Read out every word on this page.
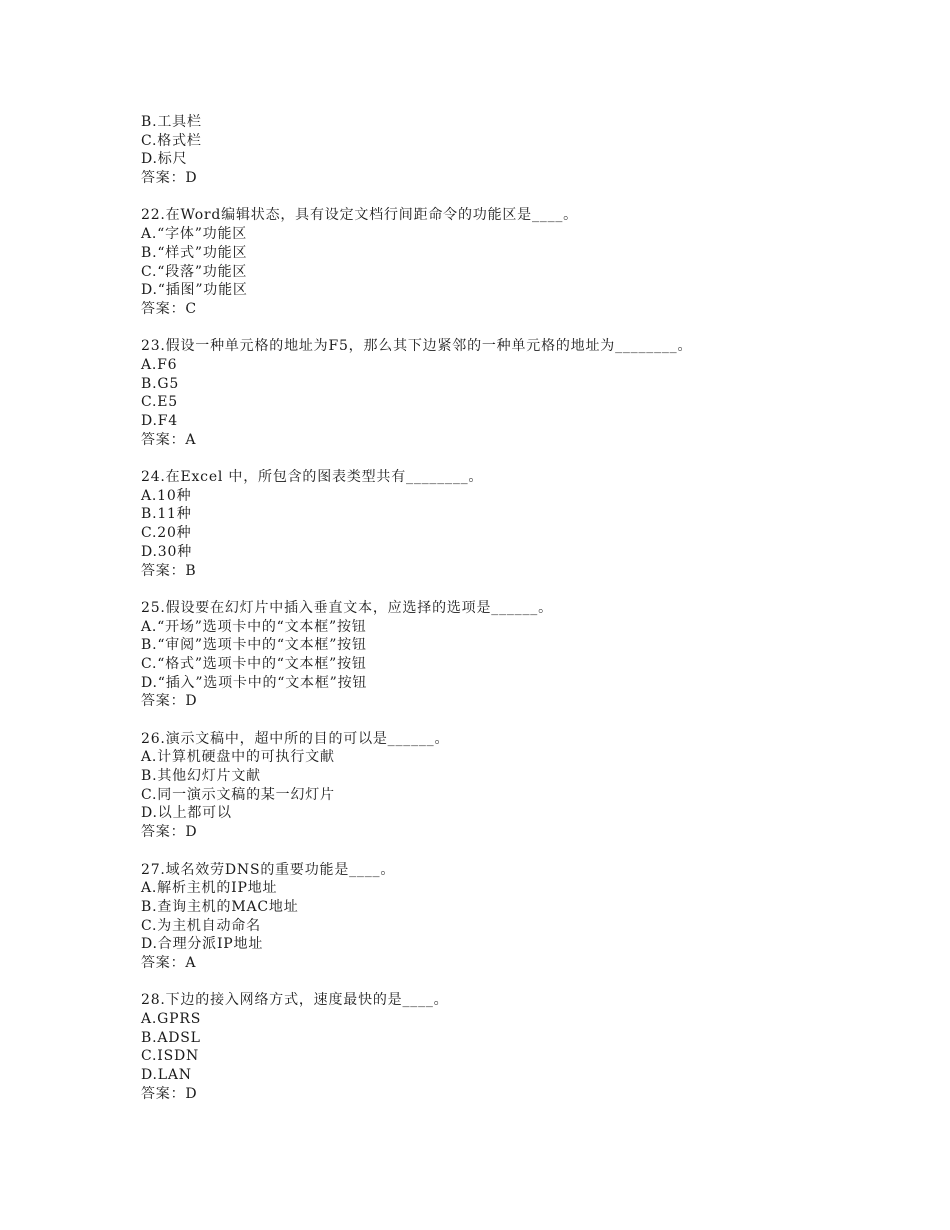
B.工具栏
C.格式栏
D.标尺
答案：D
22.在Word编辑状态，具有设定文档行间距命令的功能区是____。
A.“字体”功能区
B.“样式”功能区
C.“段落”功能区
D.“插图”功能区
答案：C
23.假设一种单元格的地址为F5，那么其下边紧邻的一种单元格的地址为________。
A.F6
B.G5
C.E5
D.F4
答案：A
24.在Excel 中，所包含的图表类型共有________。
A.10种
B.11种
C.20种
D.30种
答案：B
25.假设要在幻灯片中插入垂直文本，应选择的选项是______。
A.“开场”选项卡中的“文本框”按钮
B.“审阅”选项卡中的“文本框”按钮
C.“格式”选项卡中的“文本框”按钮
D.“插入”选项卡中的“文本框”按钮
答案：D
26.演示文稿中，超中所的目的可以是______。
A.计算机硬盘中的可执行文献
B.其他幻灯片文献
C.同一演示文稿的某一幻灯片
D.以上都可以
答案：D
27.域名效劳DNS的重要功能是____。
A.解析主机的IP地址
B.查询主机的MAC地址
C.为主机自动命名
D.合理分派IP地址
答案：A
28.下边的接入网络方式，速度最快的是____。
A.GPRS
B.ADSL
C.ISDN
D.LAN
答案：D
